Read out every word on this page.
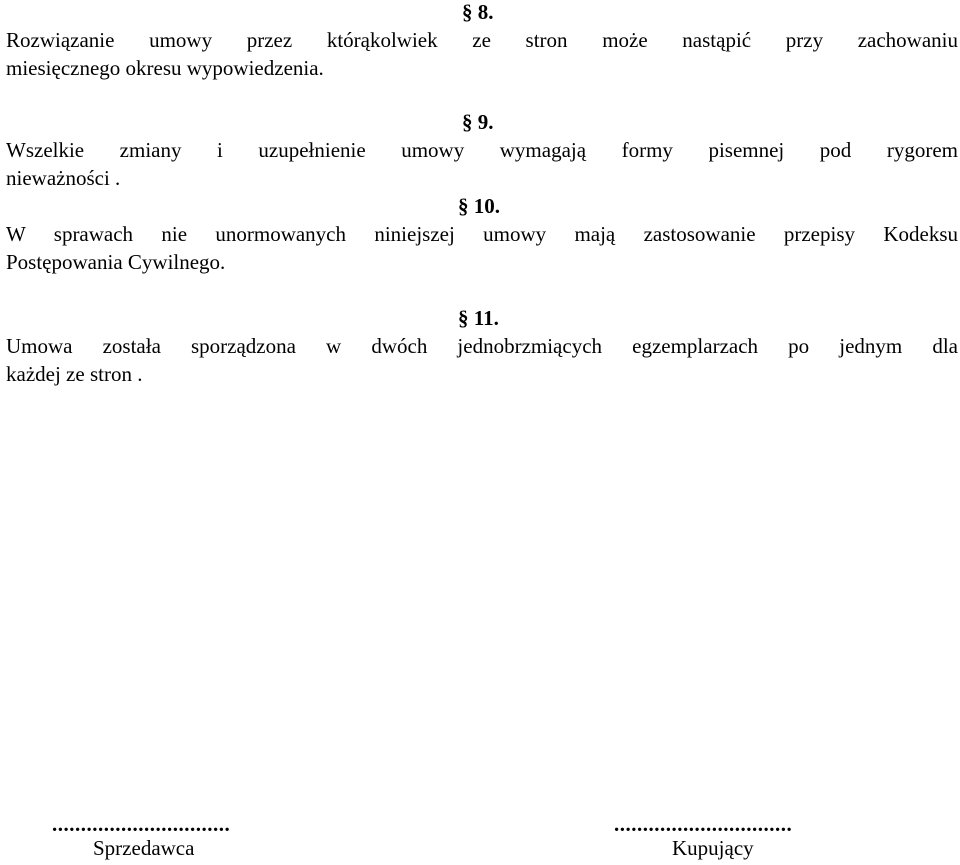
§ 8.
Rozwiązanie umowy przez którąkolwiek ze stron może nastąpić przy zachowaniu
miesięcznego okresu wypowiedzenia.
§ 9.
Wszelkie zmiany i uzupełnienie umowy wymagają formy pisemnej pod rygorem
nieważności .
§ 10.
W sprawach nie unormowanych niniejszej umowy mają zastosowanie przepisy Kodeksu
Postępowania Cywilnego.
§ 11.
Umowa została sporządzona w dwóch jednobrzmiących egzemplarzach po jednym dla
każdej ze stron .
...............................
Sprzedawca
...............................
Kupujący
